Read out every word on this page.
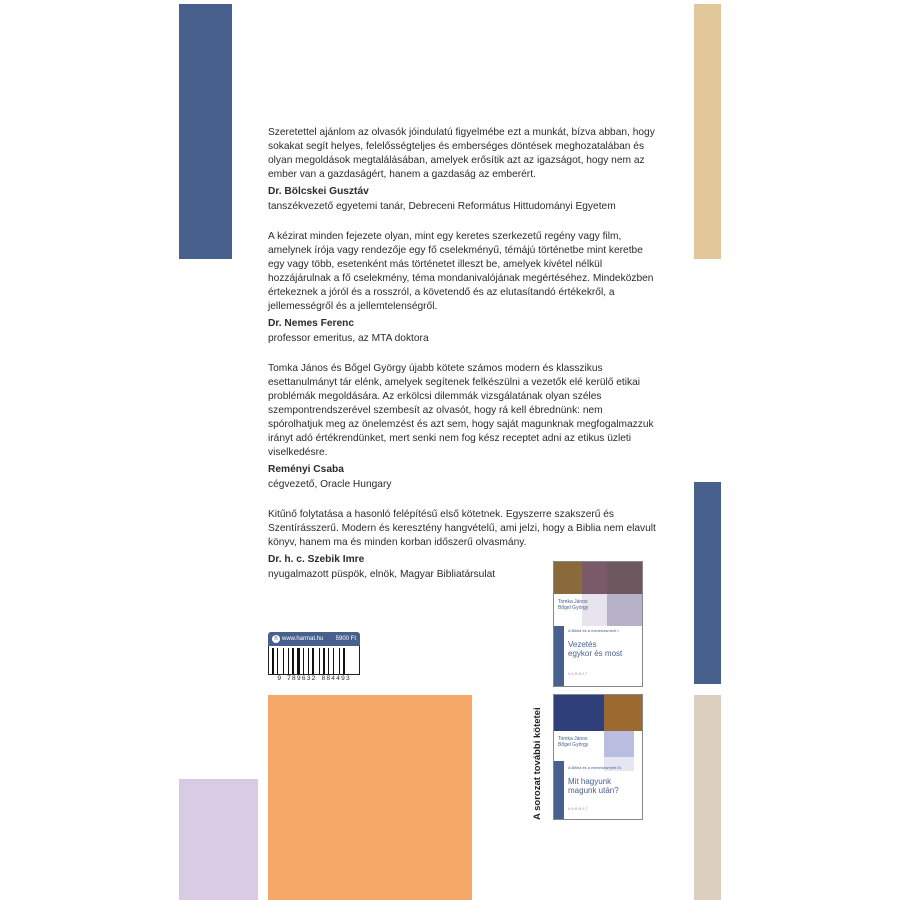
Szeretettel ajánlom az olvasók jóindulatú figyelmébe ezt a munkát, bízva abban, hogy sokakat segít helyes, felelősségteljes és emberséges döntések meghozatalában és olyan megoldások megtalálásában, amelyek erősítik azt az igazságot, hogy nem az ember van a gazdaságért, hanem a gazdaság az emberért.

Dr. Bölcskei Gusztáv
tanszékvezető egyetemi tanár, Debreceni Református Hittudományi Egyetem

A kézirat minden fejezete olyan, mint egy keretes szerkezetű regény vagy film, amelynek írója vagy rendezője egy fő cselekményű, témájú történetbe mint keretbe egy vagy több, esetenként más történetet illeszt be, amelyek kivétel nélkül hozzájárulnak a fő cselekmény, téma mondanivalójának megértéséhez. Mindeközben értekeznek a jóról és a rosszról, a követendő és az elutasítandó értékekről, a jellemességről és a jellemtelenségről.

Dr. Nemes Ferenc
professor emeritus, az MTA doktora

Tomka János és Bőgel György újabb kötete számos modern és klasszikus esettanulmányt tár elénk, amelyek segítenek felkészülni a vezetők elé kerülő etikai problémák megoldására. Az erkölcsi dilemmák vizsgálatának olyan széles szempontrendszerével szembesít az olvasót, hogy rá kell ébrednünk: nem spórolhatjuk meg az önelemzést és azt sem, hogy saját magunknak megfogalmazzuk irányt adó értékrendünket, mert senki nem fog kész receptet adni az etikus üzleti viselkedésre.

Reményi Csaba
cégvezető, Oracle Hungary

Kitűnő folytatása a hasonló felépítésű első kötetnek. Egyszerre szakszerű és Szentírásszerű. Modern és keresztény hangvételű, ami jelzi, hogy a Biblia nem elavult könyv, hanem ma és minden korban időszerű olvasmány.

Dr. h. c. Szebik Imre
nyugalmazott püspök, elnök, Magyar Bibliatársulat
h www.harmat.hu 5900 Ft
9 789632 884493
Tomka János
Bőgel György
A Biblia és a menedzsment I.
Vezetés
egykor és most
HARMAT
Tomka János
Bőgel György
A Biblia és a menedzsment III.
Mit hagyunk
magunk után?
HARMAT
A sorozat további kötetei
